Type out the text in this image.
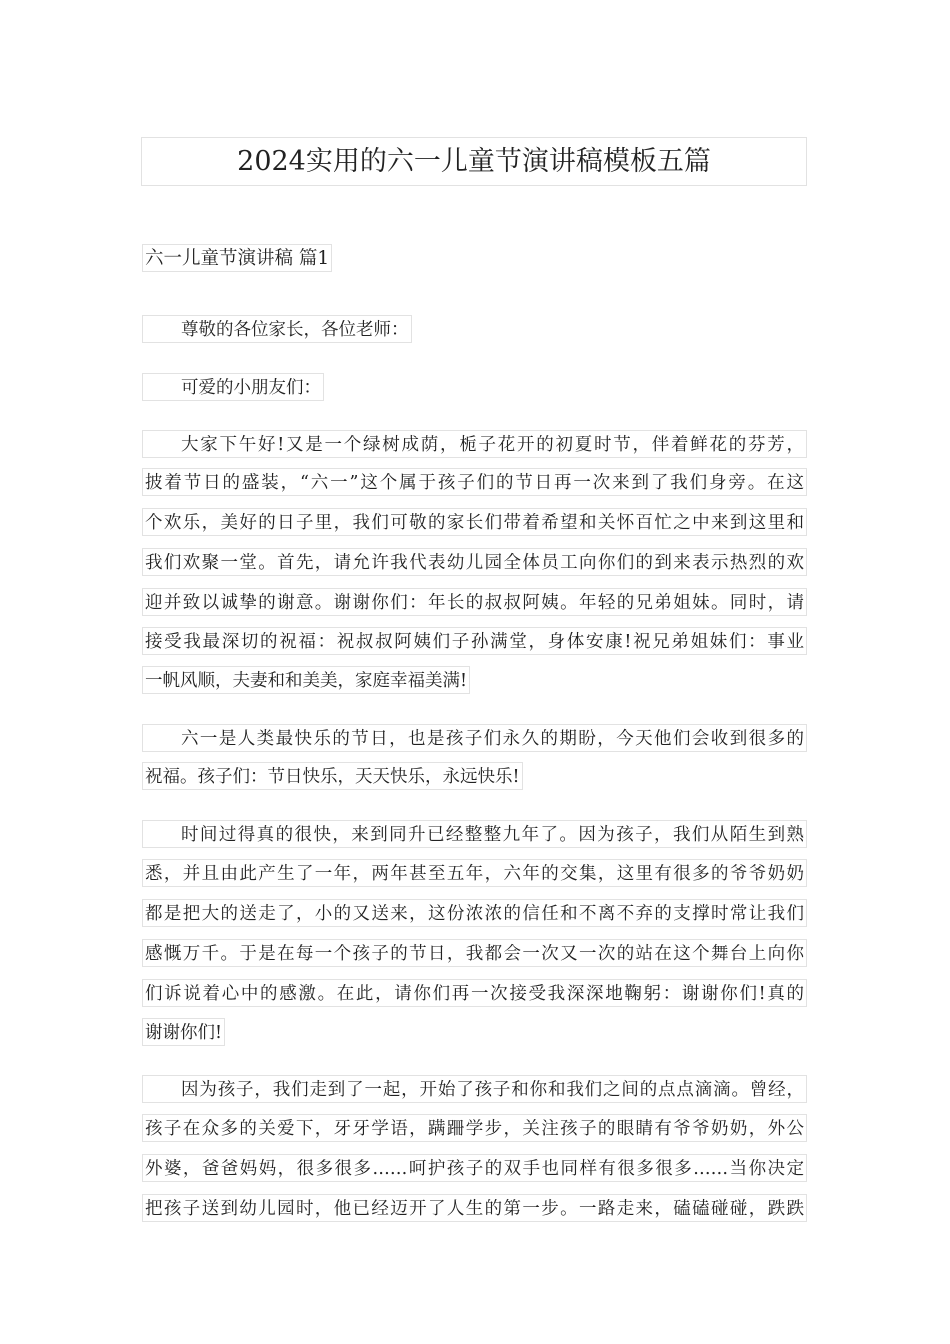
2024实用的六一儿童节演讲稿模板五篇
六一儿童节演讲稿 篇1
尊敬的各位家长，各位老师：
可爱的小朋友们：
大家下午好!又是一个绿树成荫，栀子花开的初夏时节，伴着鲜花的芬芳，
披着节日的盛装，“六一”这个属于孩子们的节日再一次来到了我们身旁。在这
个欢乐，美好的日子里，我们可敬的家长们带着希望和关怀百忙之中来到这里和
我们欢聚一堂。首先，请允许我代表幼儿园全体员工向你们的到来表示热烈的欢
迎并致以诚挚的谢意。谢谢你们：年长的叔叔阿姨。年轻的兄弟姐妹。同时，请
接受我最深切的祝福：祝叔叔阿姨们子孙满堂，身体安康!祝兄弟姐妹们：事业
一帆风顺，夫妻和和美美，家庭幸福美满!
六一是人类最快乐的节日，也是孩子们永久的期盼，今天他们会收到很多的
祝福。孩子们：节日快乐，天天快乐，永远快乐!
时间过得真的很快，来到同升已经整整九年了。因为孩子，我们从陌生到熟
悉，并且由此产生了一年，两年甚至五年，六年的交集，这里有很多的爷爷奶奶
都是把大的送走了，小的又送来，这份浓浓的信任和不离不弃的支撑时常让我们
感慨万千。于是在每一个孩子的节日，我都会一次又一次的站在这个舞台上向你
们诉说着心中的感激。在此，请你们再一次接受我深深地鞠躬：谢谢你们!真的
谢谢你们!
因为孩子，我们走到了一起，开始了孩子和你和我们之间的点点滴滴。曾经，
孩子在众多的关爱下，牙牙学语，蹒跚学步，关注孩子的眼睛有爷爷奶奶，外公
外婆，爸爸妈妈，很多很多……呵护孩子的双手也同样有很多很多……当你决定
把孩子送到幼儿园时，他已经迈开了人生的第一步。一路走来，磕磕碰碰，跌跌
